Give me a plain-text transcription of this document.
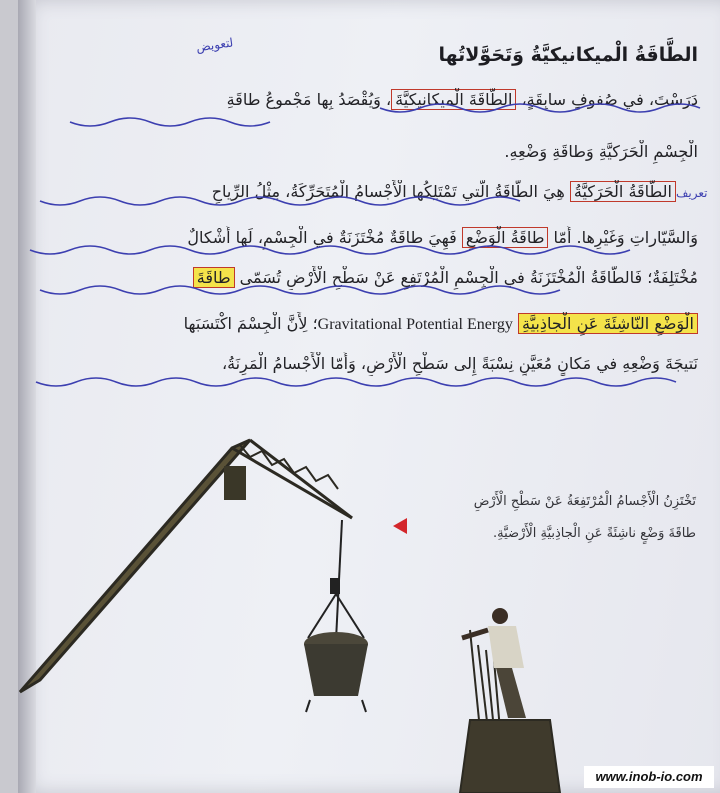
الطَّاقَةُ الْميكانيكيَّةُ وَتَحَوَّلاتُها
لتعويض
دَرَسْتَ، في صُفوفٍ سابِقَةٍ، الطّاقَةَ الْميكانيكيَّةَ، وَيُقْصَدُ بِها مَجْموعُ طاقَةِ
الْجِسْمِ الْحَرَكيَّةِ وَطاقَةِ وَضْعِهِ.
تعريف
الطّاقَةُ الْحَرَكيَّةُ هِيَ الطّاقَةُ الَّتي تَمْتَلِكُها الْأَجْسامُ الْمُتَحَرِّكَةُ، مِثْلُ الرِّياحِ
وَالسَّيّاراتِ وَغَيْرِها. أَمّا طاقَةُ الْوَضْعِ فَهِيَ طاقَةٌ مُخْتَزَنَةٌ في الْجِسْمِ، لَها أَشْكالٌ
مُخْتَلِفَةٌ؛ فَالطّاقَةُ الْمُخْتَزَنَةُ في الْجِسْمِ الْمُرْتَفِعِ عَنْ سَطْحِ الْأَرْضِ تُسَمّى طاقَةَ
الْوَضْعِ النّاشِئَةَ عَنِ الْجاذِبيَّةِ Gravitational Potential Energy؛ لِأَنَّ الْجِسْمَ اكْتَسَبَها
نَتيجَةَ وَضْعِهِ في مَكانٍ مُعَيَّنٍ نِسْبَةً إِلى سَطْحِ الْأَرْضِ، وَأَمّا الْأَجْسامُ الْمَرِنَةُ،
تَخْتَزِنُ الْأَجْسامُ الْمُرْتَفِعَةُ عَنْ سَطْحِ الْأَرْضِ
طاقَةَ وَضْعٍ ناشِئَةً عَنِ الْجاذِبيَّةِ الْأَرْضيَّةِ.
www.inob-io.com
